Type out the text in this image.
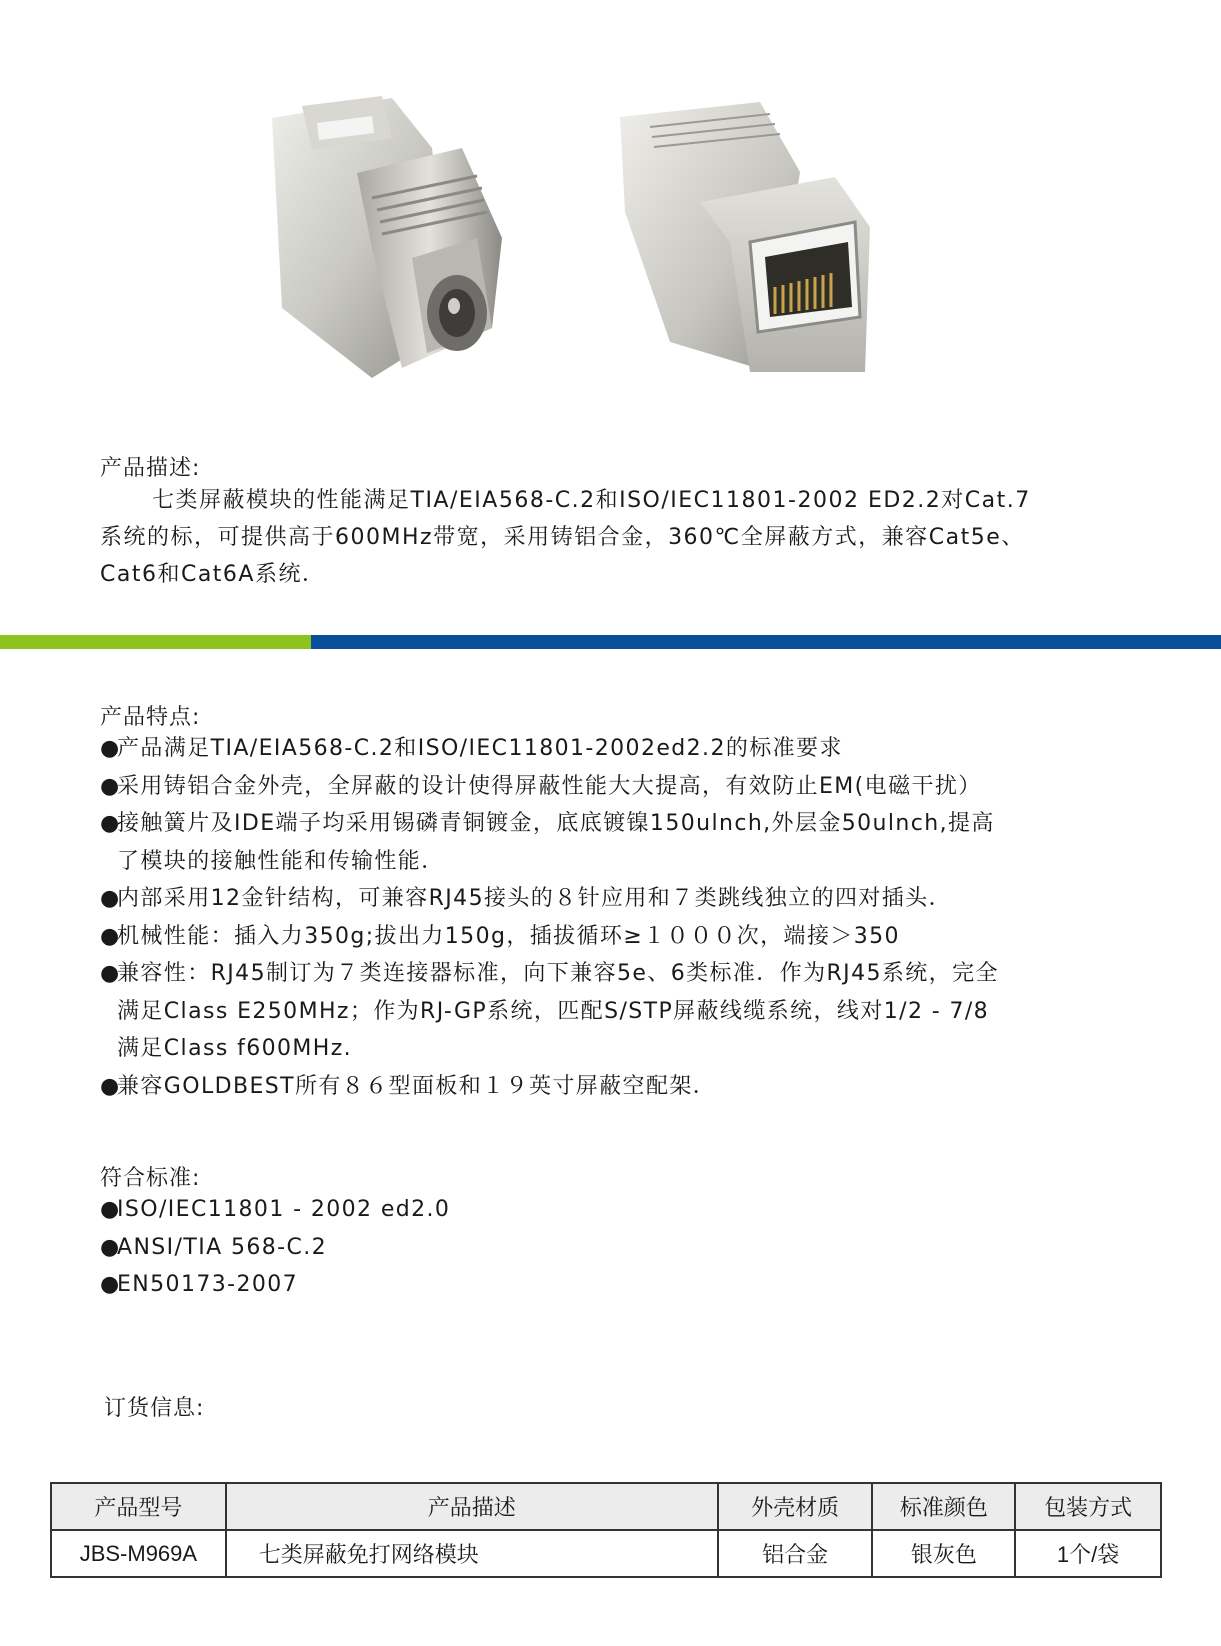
产品描述:
七类屏蔽模块的性能满足TIA/EIA568-C.2和ISO/IEC11801-2002 ED2.2对Cat.7
系统的标，可提供高于600MHz带宽，采用铸铝合金，360℃全屏蔽方式，兼容Cat5e、
Cat6和Cat6A系统．
产品特点:
●
产品满足TIA/EIA568-C.2和ISO/IEC11801-2002ed2.2的标准要求
●
采用铸铝合金外壳，全屏蔽的设计使得屏蔽性能大大提高，有效防止EM(电磁干扰）
●
接触簧片及IDE端子均采用锡磷青铜镀金，底底镀镍150ulnch,外层金50ulnch,提高
了模块的接触性能和传输性能．
●
内部采用12金针结构，可兼容RJ45接头的８针应用和７类跳线独立的四对插头．
●
机械性能：插入力350g;拔出力150g，插拔循环≥１０００次，端接＞350
●
兼容性：RJ45制订为７类连接器标准，向下兼容5e、6类标准．作为RJ45系统，完全
满足Class E250MHz；作为RJ-GP系统，匹配S/STP屏蔽线缆系统，线对1/2 - 7/8
满足Class f600MHz.
●
兼容GOLDBEST所有８６型面板和１９英寸屏蔽空配架．
符合标准:
●
ISO/IEC11801 - 2002 ed2.0
●
ANSI/TIA 568-C.2
●
EN50173-2007
订货信息:
产品型号	产品描述	外壳材质	标准颜色	包装方式
JBS-M969A	七类屏蔽免打网络模块	铝合金	银灰色	1个/袋
